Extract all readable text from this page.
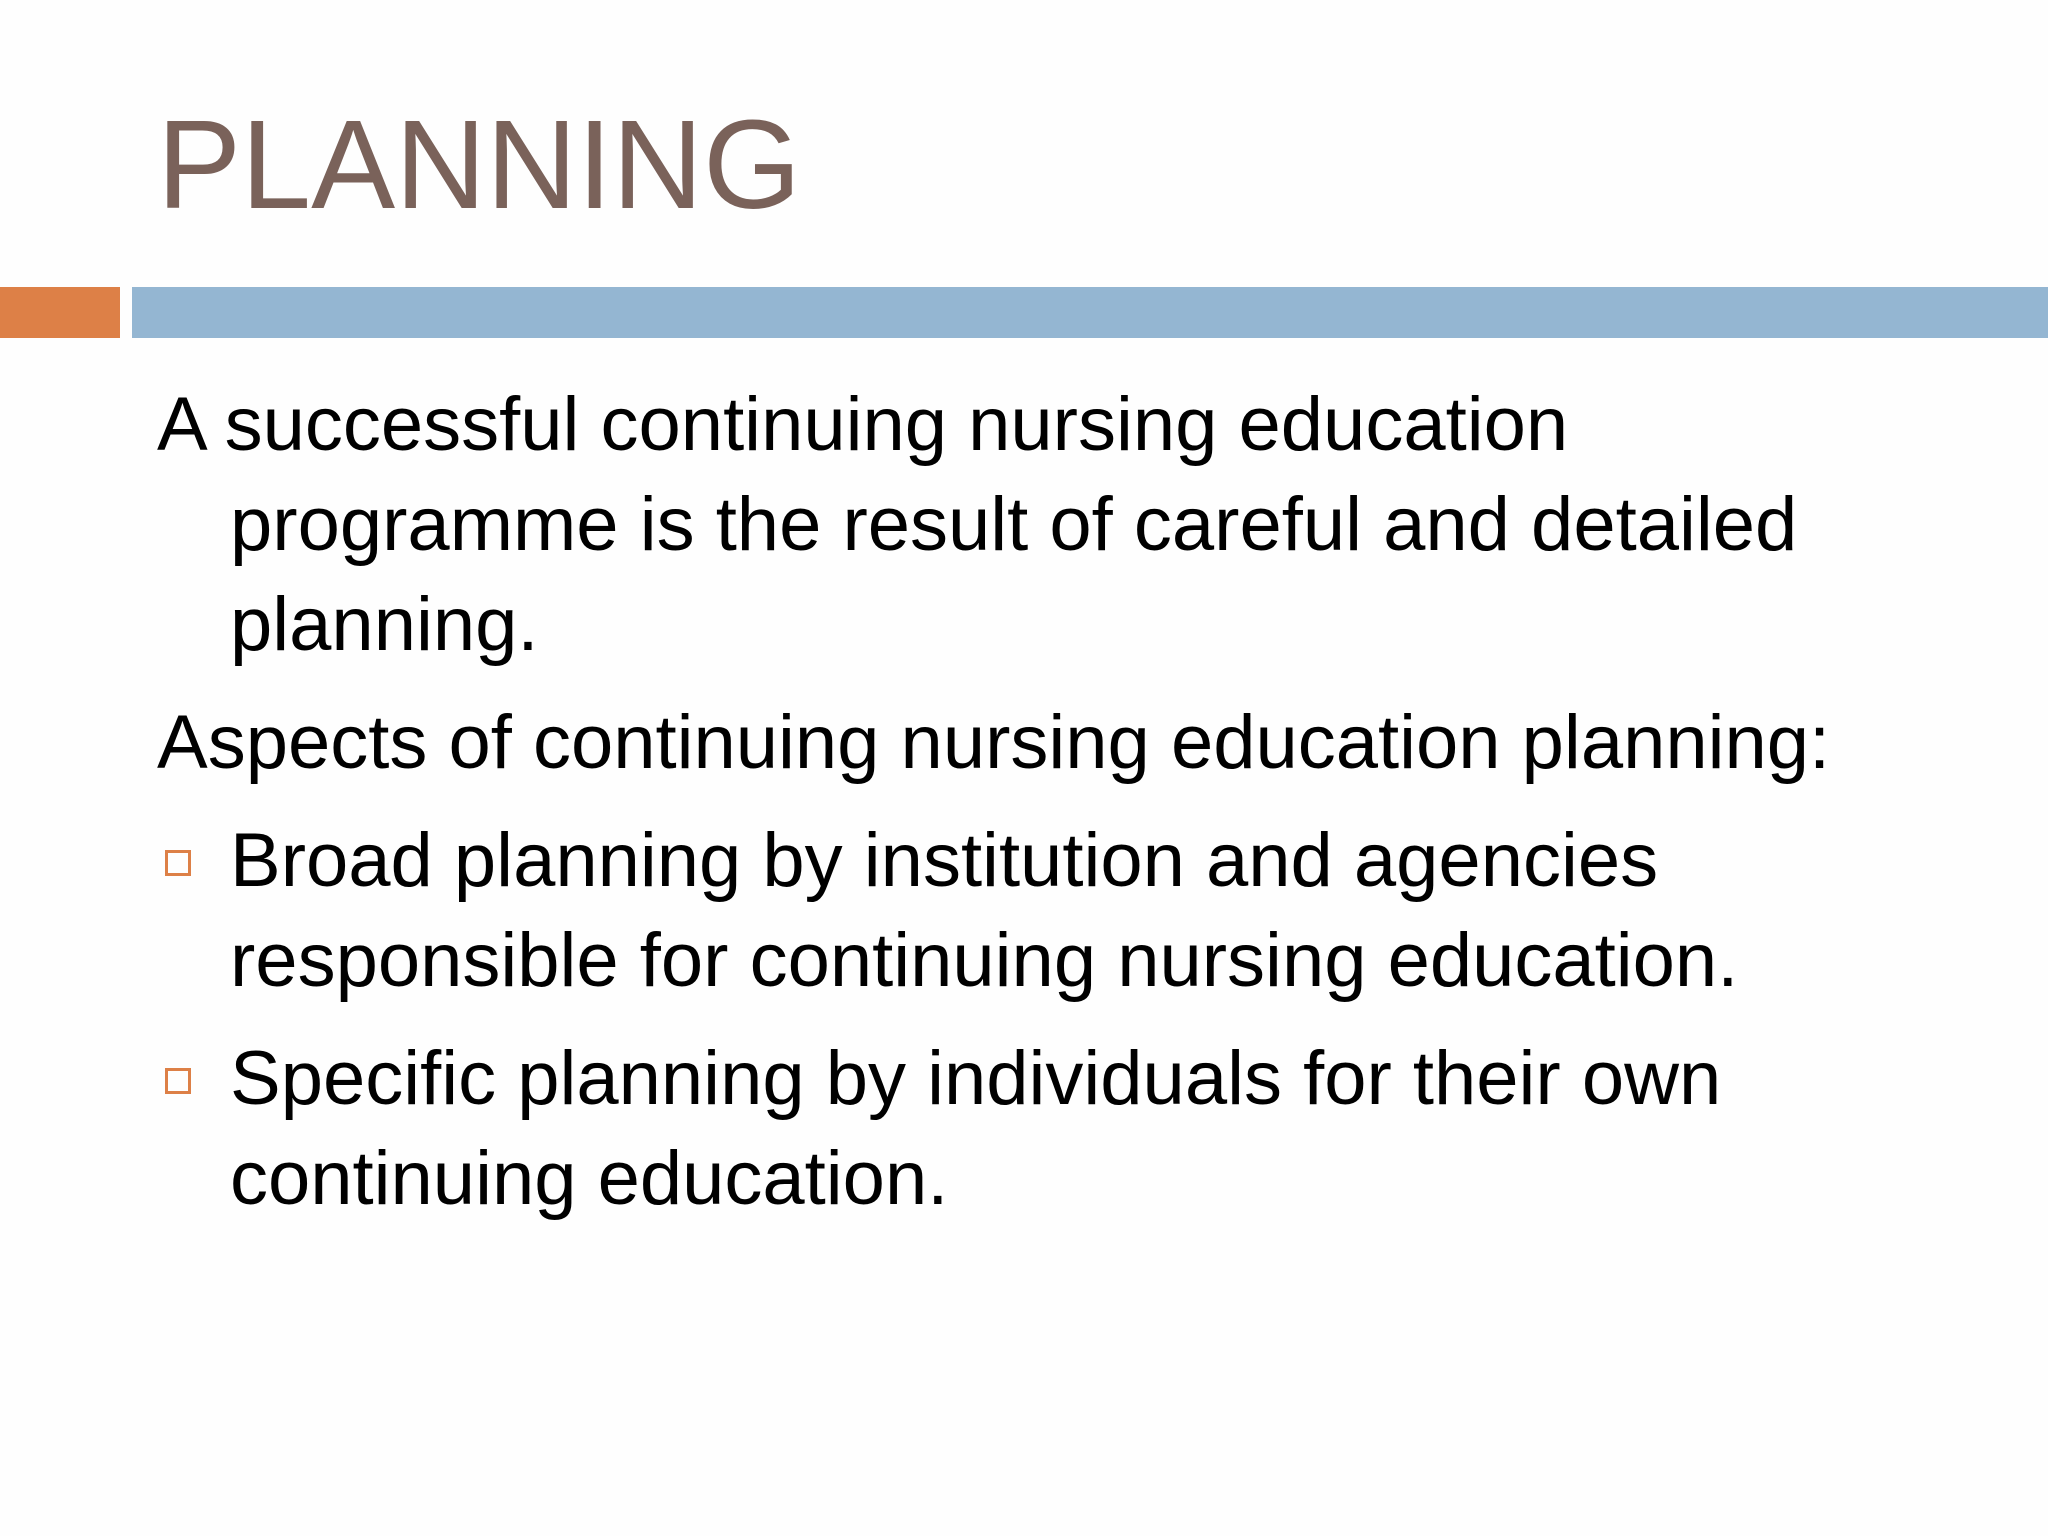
PLANNING

A successful continuing nursing education programme is the result of careful and detailed planning.

Aspects of continuing nursing education planning:

Broad planning by institution and agencies responsible for continuing nursing education.
Specific planning by individuals for their own continuing education.
